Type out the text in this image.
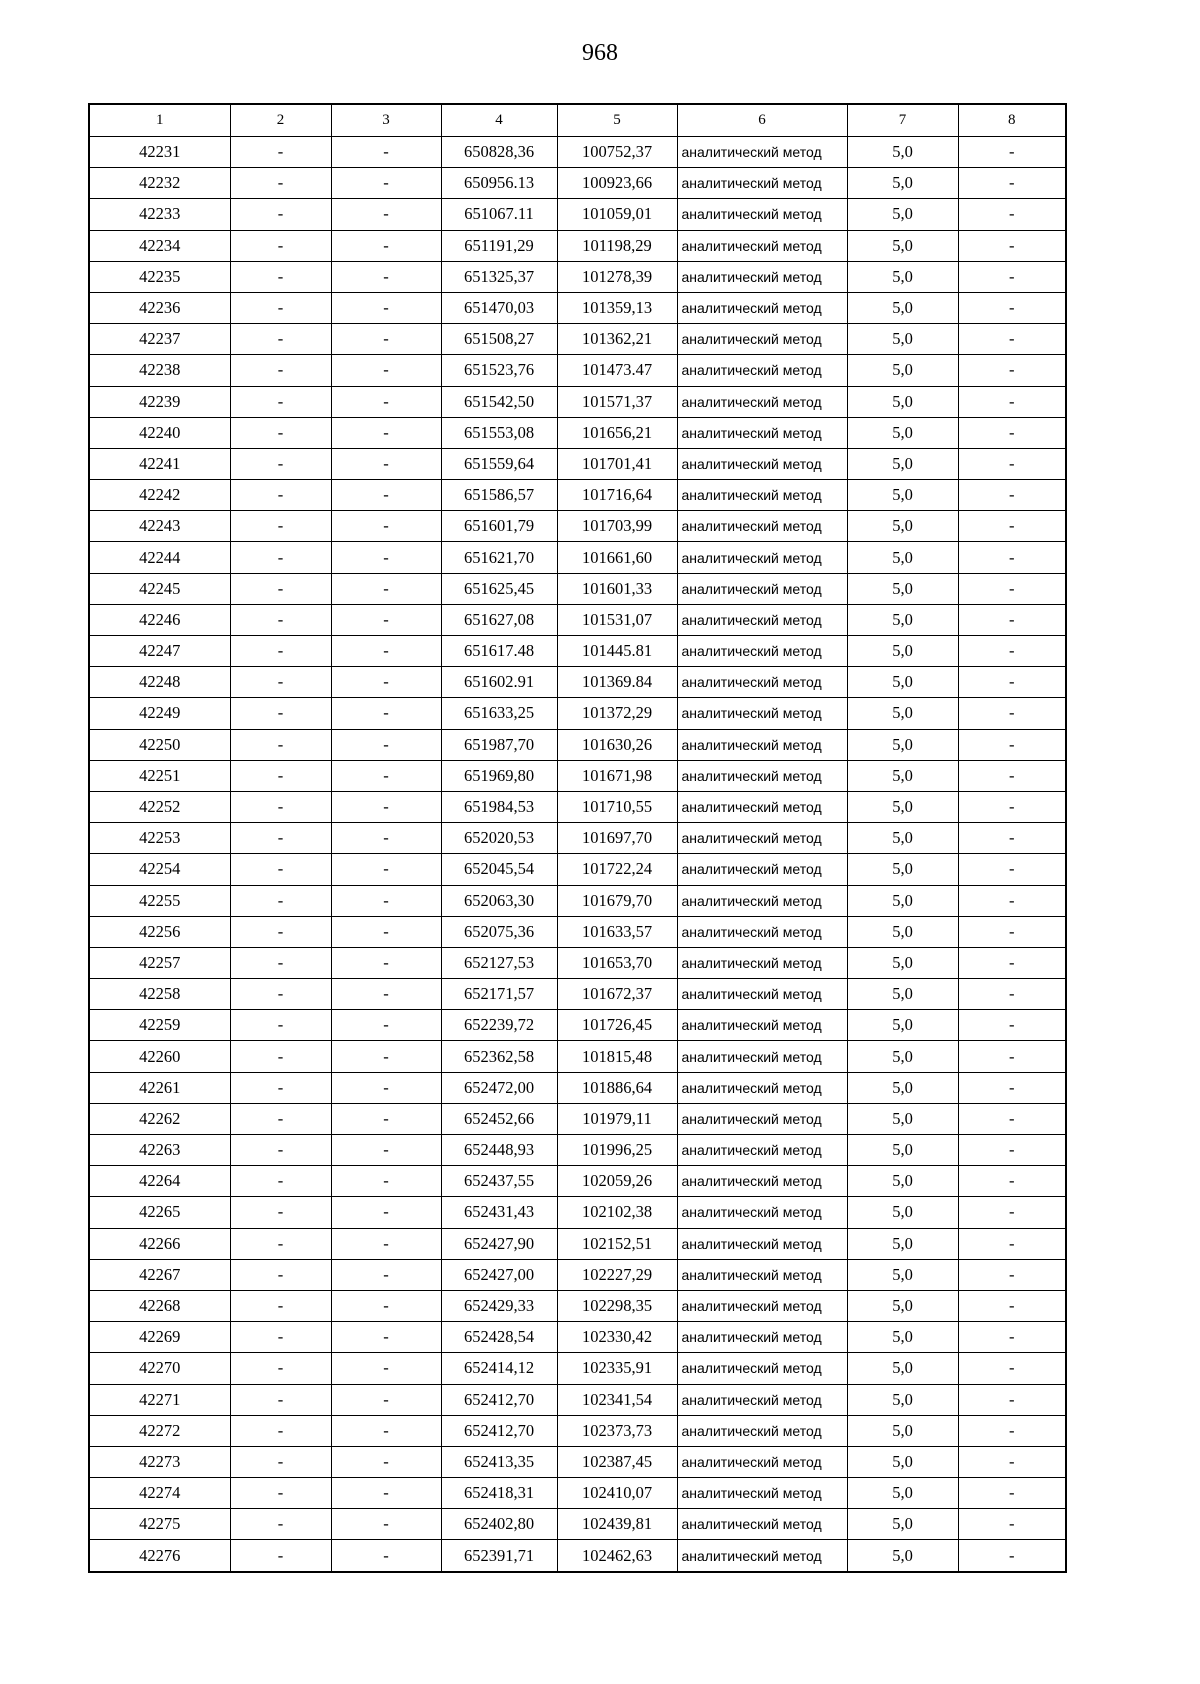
968
1	2	3	4	5	6	7	8
42231	-	-	650828,36	100752,37	аналитический метод	5,0	-
42232	-	-	650956.13	100923,66	аналитический метод	5,0	-
42233	-	-	651067.11	101059,01	аналитический метод	5,0	-
42234	-	-	651191,29	101198,29	аналитический метод	5,0	-
42235	-	-	651325,37	101278,39	аналитический метод	5,0	-
42236	-	-	651470,03	101359,13	аналитический метод	5,0	-
42237	-	-	651508,27	101362,21	аналитический метод	5,0	-
42238	-	-	651523,76	101473.47	аналитический метод	5,0	-
42239	-	-	651542,50	101571,37	аналитический метод	5,0	-
42240	-	-	651553,08	101656,21	аналитический метод	5,0	-
42241	-	-	651559,64	101701,41	аналитический метод	5,0	-
42242	-	-	651586,57	101716,64	аналитический метод	5,0	-
42243	-	-	651601,79	101703,99	аналитический метод	5,0	-
42244	-	-	651621,70	101661,60	аналитический метод	5,0	-
42245	-	-	651625,45	101601,33	аналитический метод	5,0	-
42246	-	-	651627,08	101531,07	аналитический метод	5,0	-
42247	-	-	651617.48	101445.81	аналитический метод	5,0	-
42248	-	-	651602.91	101369.84	аналитический метод	5,0	-
42249	-	-	651633,25	101372,29	аналитический метод	5,0	-
42250	-	-	651987,70	101630,26	аналитический метод	5,0	-
42251	-	-	651969,80	101671,98	аналитический метод	5,0	-
42252	-	-	651984,53	101710,55	аналитический метод	5,0	-
42253	-	-	652020,53	101697,70	аналитический метод	5,0	-
42254	-	-	652045,54	101722,24	аналитический метод	5,0	-
42255	-	-	652063,30	101679,70	аналитический метод	5,0	-
42256	-	-	652075,36	101633,57	аналитический метод	5,0	-
42257	-	-	652127,53	101653,70	аналитический метод	5,0	-
42258	-	-	652171,57	101672,37	аналитический метод	5,0	-
42259	-	-	652239,72	101726,45	аналитический метод	5,0	-
42260	-	-	652362,58	101815,48	аналитический метод	5,0	-
42261	-	-	652472,00	101886,64	аналитический метод	5,0	-
42262	-	-	652452,66	101979,11	аналитический метод	5,0	-
42263	-	-	652448,93	101996,25	аналитический метод	5,0	-
42264	-	-	652437,55	102059,26	аналитический метод	5,0	-
42265	-	-	652431,43	102102,38	аналитический метод	5,0	-
42266	-	-	652427,90	102152,51	аналитический метод	5,0	-
42267	-	-	652427,00	102227,29	аналитический метод	5,0	-
42268	-	-	652429,33	102298,35	аналитический метод	5,0	-
42269	-	-	652428,54	102330,42	аналитический метод	5,0	-
42270	-	-	652414,12	102335,91	аналитический метод	5,0	-
42271	-	-	652412,70	102341,54	аналитический метод	5,0	-
42272	-	-	652412,70	102373,73	аналитический метод	5,0	-
42273	-	-	652413,35	102387,45	аналитический метод	5,0	-
42274	-	-	652418,31	102410,07	аналитический метод	5,0	-
42275	-	-	652402,80	102439,81	аналитический метод	5,0	-
42276	-	-	652391,71	102462,63	аналитический метод	5,0	-
